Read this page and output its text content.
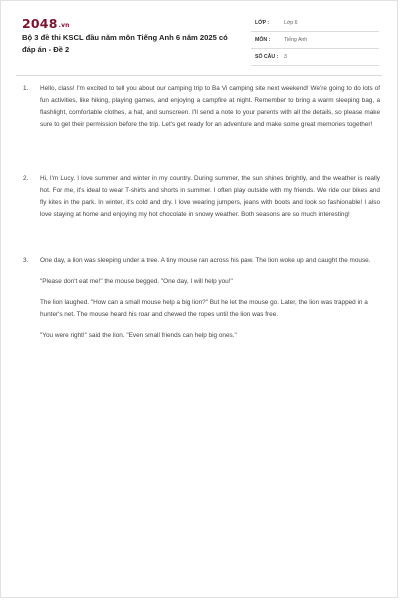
2048.vn
Bộ 3 đề thi KSCL đầu năm môn Tiếng Anh 6 năm 2025 có đáp án - Đề 2
LỚP :	Lớp 6
MÔN :	Tiếng Anh
SỐ CÂU : 3
1. Hello, class! I'm excited to tell you about our camping trip to Ba Vi camping site next weekend! We're going to do lots of fun activities, like hiking, playing games, and enjoying a campfire at night. Remember to bring a warm sleeping bag, a flashlight, comfortable clothes, a hat, and sunscreen. I'll send a note to your parents with all the details, so please make sure to get their permission before the trip. Let's get ready for an adventure and make some great memories together!

2. Hi, I'm Lucy. I love summer and winter in my country. During summer, the sun shines brightly, and the weather is really hot. For me, it's ideal to wear T-shirts and shorts in summer. I often play outside with my friends. We ride our bikes and fly kites in the park. In winter, it's cold and dry. I love wearing jumpers, jeans with boots and look so fashionable! I also love staying at home and enjoying my hot chocolate in snowy weather. Both seasons are so much interesting!

3. One day, a lion was sleeping under a tree. A tiny mouse ran across his paw. The lion woke up and caught the mouse.

"Please don't eat me!" the mouse begged. "One day, I will help you!"

The lion laughed. "How can a small mouse help a big lion?" But he let the mouse go. Later, the lion was trapped in a hunter's net. The mouse heard his roar and chewed the ropes until the lion was free.

"You were right!" said the lion. "Even small friends can help big ones."
